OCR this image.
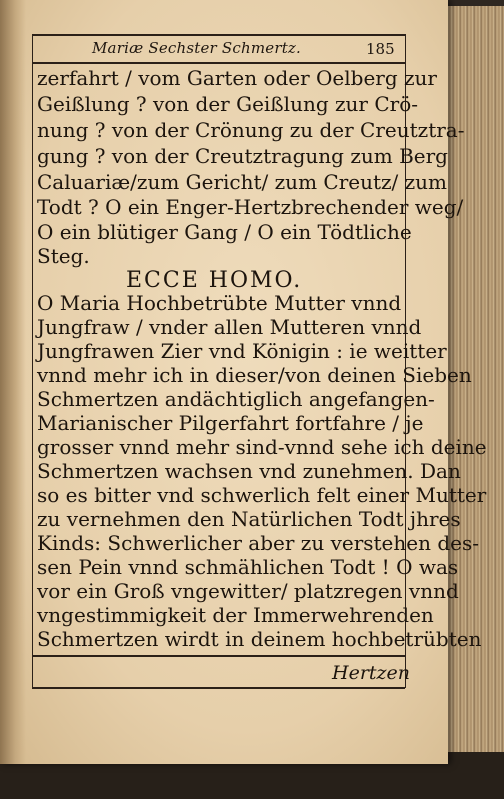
Mariæ Sechster Schmertz.	185
zerfahrt / vom Garten oder Oelberg zur
Geißlung ? von der Geißlung zur Crö-
nung ? von der Crönung zu der Creutztra-
gung ? von der Creutztragung zum Berg
Caluariæ/zum Gericht/ zum Creutz/ zum
Todt ? O ein Enger-Hertzbrechender weg/
O ein blütiger Gang / O ein Tödtliche
Steg.
ECCE HOMO.
O Maria Hochbetrübte Mutter vnnd
Jungfraw / vnder allen Mutteren vnnd
Jungfrawen Zier vnd Königin : ie weitter
vnnd mehr ich in dieser/von deinen Sieben
Schmertzen andächtiglich angefangen-
Marianischer Pilgerfahrt fortfahre / je
grosser vnnd mehr sind-vnnd sehe ich deine
Schmertzen wachsen vnd zunehmen. Dan
so es bitter vnd schwerlich felt einer Mutter
zu vernehmen den Natürlichen Todt jhres
Kinds: Schwerlicher aber zu verstehen des-
sen Pein vnnd schmählichen Todt ! O was
vor ein Groß vngewitter/ platzregen vnnd
vngestimmigkeit der Immerwehrenden
Schmertzen wirdt in deinem hochbetrübten
Hertzen
